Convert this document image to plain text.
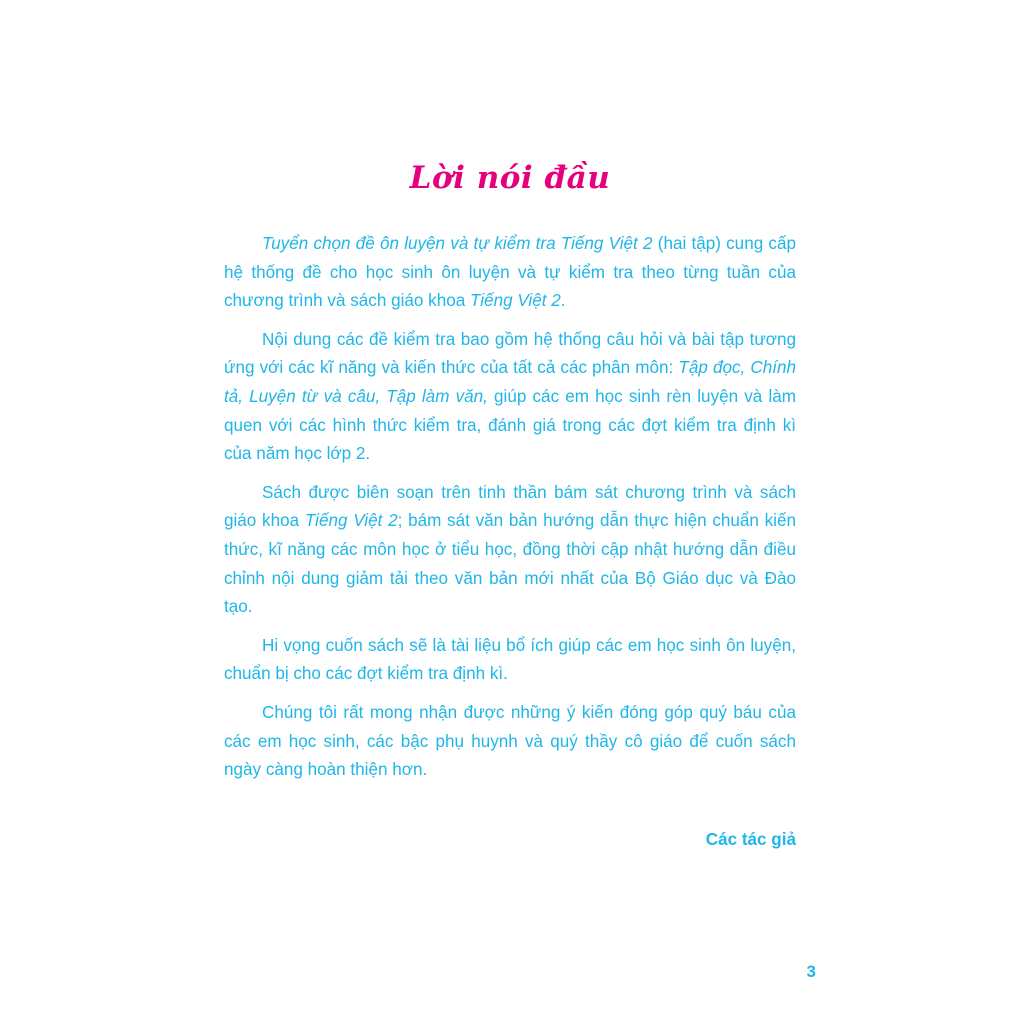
Lời nói đầu

Tuyển chọn đề ôn luyện và tự kiểm tra Tiếng Việt 2 (hai tập) cung cấp hệ thống đề cho học sinh ôn luyện và tự kiểm tra theo từng tuần của chương trình và sách giáo khoa Tiếng Việt 2.

Nội dung các đề kiểm tra bao gồm hệ thống câu hỏi và bài tập tương ứng với các kĩ năng và kiến thức của tất cả các phân môn: Tập đọc, Chính tả, Luyện từ và câu, Tập làm văn, giúp các em học sinh rèn luyện và làm quen với các hình thức kiểm tra, đánh giá trong các đợt kiểm tra định kì của năm học lớp 2.

Sách được biên soạn trên tinh thần bám sát chương trình và sách giáo khoa Tiếng Việt 2; bám sát văn bản hướng dẫn thực hiện chuẩn kiến thức, kĩ năng các môn học ở tiểu học, đồng thời cập nhật hướng dẫn điều chỉnh nội dung giảm tải theo văn bản mới nhất của Bộ Giáo dục và Đào tạo.

Hi vọng cuốn sách sẽ là tài liệu bổ ích giúp các em học sinh ôn luyện, chuẩn bị cho các đợt kiểm tra định kì.

Chúng tôi rất mong nhận được những ý kiến đóng góp quý báu của các em học sinh, các bậc phụ huynh và quý thầy cô giáo để cuốn sách ngày càng hoàn thiện hơn.

Các tác giả
3
